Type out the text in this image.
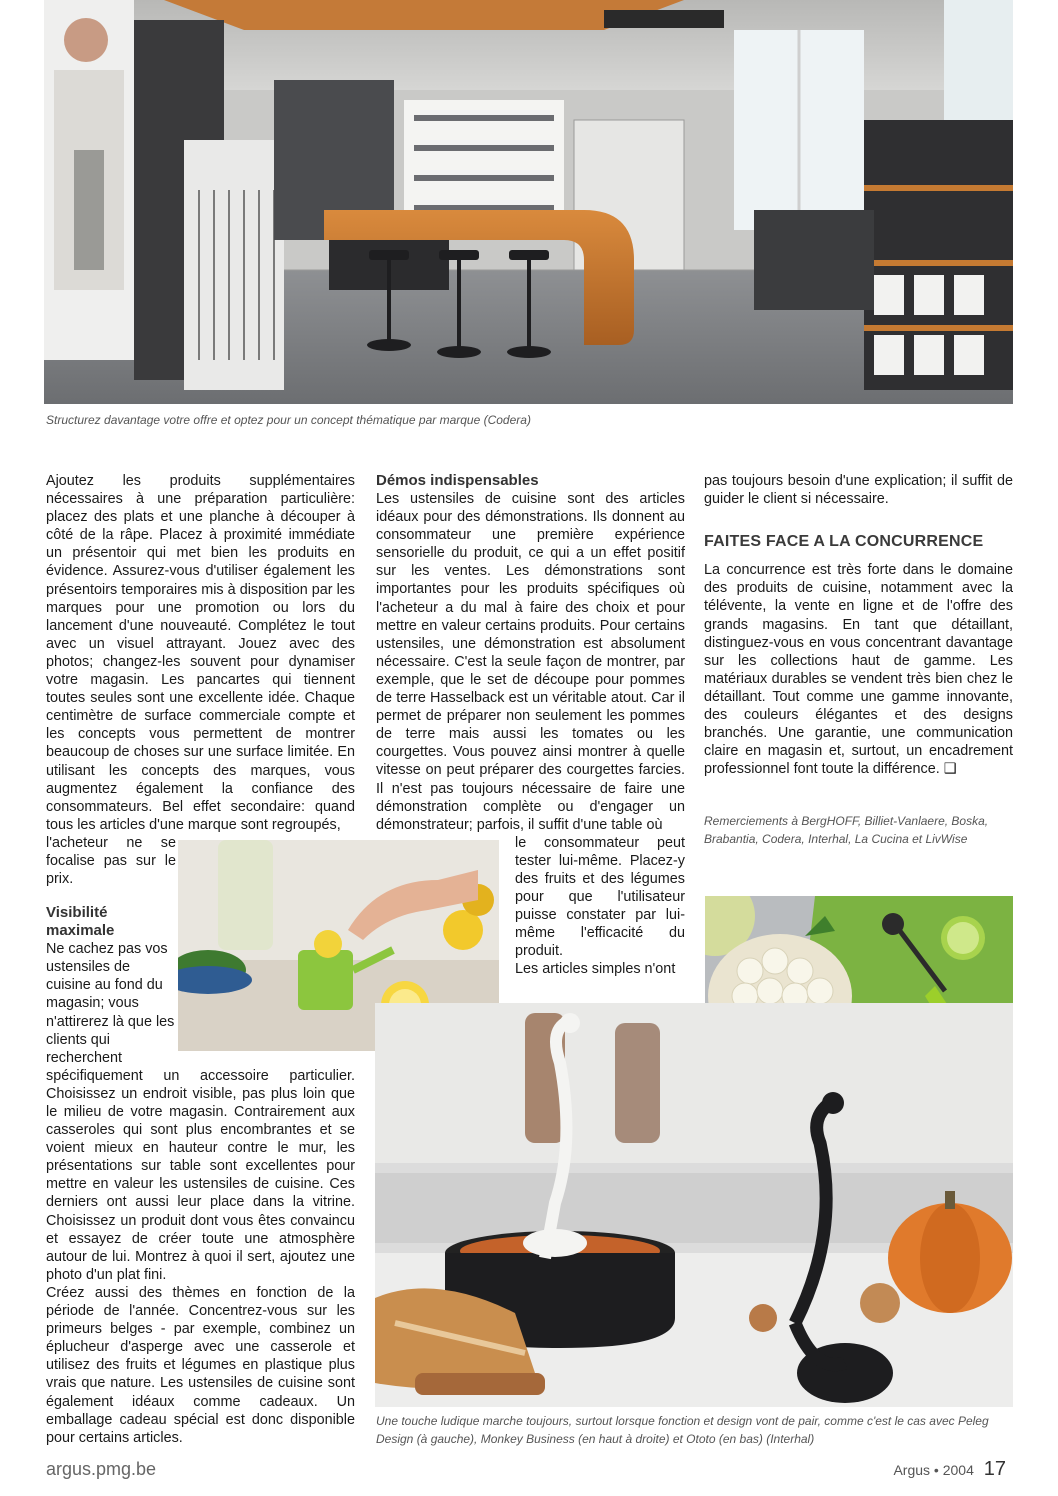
Structurez davantage votre offre et optez pour un concept thématique par marque (Codera)

Ajoutez les produits supplémentaires nécessaires à une préparation particulière: placez des plats et une planche à découper à côté de la râpe. Placez à proximité immédiate un présentoir qui met bien les produits en évidence. Assurez-vous d'utiliser également les présentoirs temporaires mis à disposition par les marques pour une promotion ou lors du lancement d'une nouveauté. Complétez le tout avec un visuel attrayant. Jouez avec des photos; changez-les souvent pour dynamiser votre magasin. Les pancartes qui tiennent toutes seules sont une excellente idée. Chaque centimètre de surface commerciale compte et les concepts vous permettent de montrer beaucoup de choses sur une surface limitée. En utilisant les concepts des marques, vous augmentez également la confiance des consommateurs. Bel effet secondaire: quand tous les articles d'une marque sont regroupés,

l'acheteur ne se focalise pas sur le prix.

Visibilité maximale

Ne cachez pas vos ustensiles de cuisine au fond du magasin; vous n'attirerez là que les clients qui recherchent

spécifiquement un accessoire particulier. Choisissez un endroit visible, pas plus loin que le milieu de votre magasin. Contrairement aux casseroles qui sont plus encombrantes et se voient mieux en hauteur contre le mur, les présentations sur table sont excellentes pour mettre en valeur les ustensiles de cuisine. Ces derniers ont aussi leur place dans la vitrine. Choisissez un produit dont vous êtes convaincu et essayez de créer toute une atmosphère autour de lui. Montrez à quoi il sert, ajoutez une photo d'un plat fini.

Créez aussi des thèmes en fonction de la période de l'année. Concentrez-vous sur les primeurs belges - par exemple, combinez un éplucheur d'asperge avec une casserole et utilisez des fruits et légumes en plastique plus vrais que nature. Les ustensiles de cuisine sont également idéaux comme cadeaux. Un emballage cadeau spécial est donc disponible pour certains articles.

Démos indispensables

Les ustensiles de cuisine sont des articles idéaux pour des démonstrations. Ils donnent au consommateur une première expérience sensorielle du produit, ce qui a un effet positif sur les ventes. Les démonstrations sont importantes pour les produits spécifiques où l'acheteur a du mal à faire des choix et pour mettre en valeur certains produits. Pour certains ustensiles, une démonstration est absolument nécessaire. C'est la seule façon de montrer, par exemple, que le set de découpe pour pommes de terre Hasselback est un véritable atout. Car il permet de préparer non seulement les pommes de terre mais aussi les tomates ou les courgettes. Vous pouvez ainsi montrer à quelle vitesse on peut préparer des courgettes farcies. Il n'est pas toujours nécessaire de faire une démonstration complète ou d'engager un démonstrateur; parfois, il suffit d'une table où

le consommateur peut tester lui-même. Placez-y des fruits et des légumes pour que l'utilisateur puisse constater par lui-même l'efficacité du produit.

Les articles simples n'ont

pas toujours besoin d'une explication; il suffit de guider le client si nécessaire.

FAITES FACE A LA CONCURRENCE

La concurrence est très forte dans le domaine des produits de cuisine, notamment avec la télévente, la vente en ligne et de l'offre des grands magasins. En tant que détaillant, distinguez-vous en vous concentrant davantage sur les collections haut de gamme. Les matériaux durables se vendent très bien chez le détaillant. Tout comme une gamme innovante, des couleurs élégantes et des designs branchés. Une garantie, une communication claire en magasin et, surtout, un encadrement professionnel font toute la différence. ❑

Remerciements à BergHOFF, Billiet-Vanlaere, Boska, Brabantia, Codera, Interhal, La Cucina et LivWise
Une touche ludique marche toujours, surtout lorsque fonction et design vont de pair, comme c'est le cas avec Peleg Design (à gauche), Monkey Business (en haut à droite) et Ototo (en bas) (Interhal)
argus.pmg.be	Argus • 2004 17
